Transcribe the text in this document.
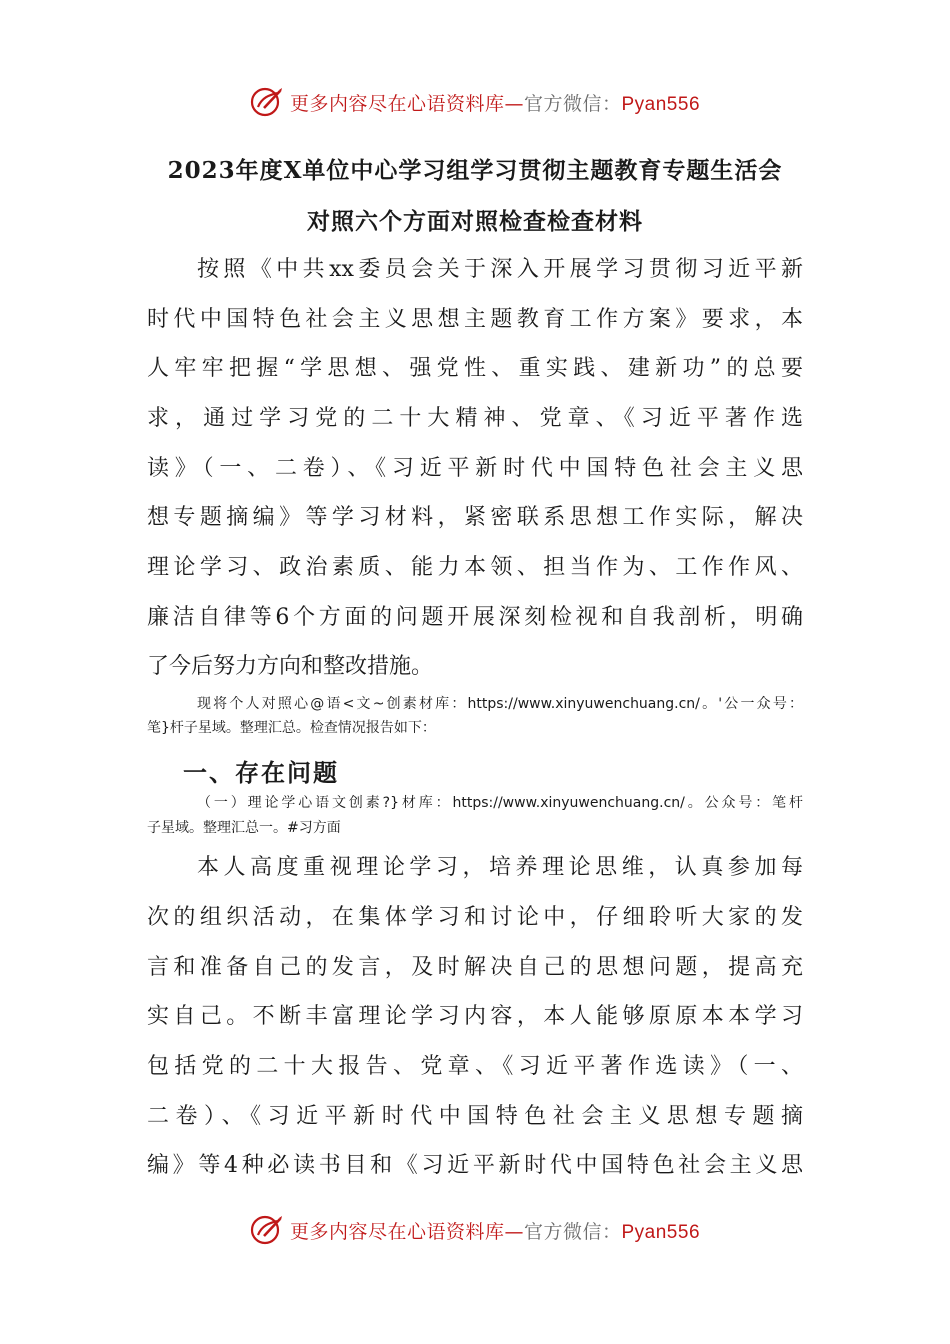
更多内容尽在心语资料库—官方微信：Pyan556
2023年度X单位中心学习组学习贯彻主题教育专题生活会
对照六个方面对照检查检查材料
按照《中共xx委员会关于深入开展学习贯彻习近平新
时代中国特色社会主义思想主题教育工作方案》要求，本
人牢牢把握“学思想、强党性、重实践、建新功”的总要
求，通过学习党的二十大精神、党章、《习近平著作选
读》（一、二卷）、《习近平新时代中国特色社会主义思
想专题摘编》等学习材料，紧密联系思想工作实际，解决
理论学习、政治素质、能力本领、担当作为、工作作风、
廉洁自律等6个方面的问题开展深刻检视和自我剖析，明确
了今后努力方向和整改措施。
现将个人对照心@语<文~创素材库：https://www.xinyuwenchuang.cn/。'公一众号：
笔}杆子星域。整理汇总。检查情况报告如下：
一、存在问题
（一）理论学心语文创素?}材库：https://www.xinyuwenchuang.cn/。公众号：笔杆
子星域。整理汇总一。#习方面
本人高度重视理论学习，培养理论思维，认真参加每
次的组织活动，在集体学习和讨论中，仔细聆听大家的发
言和准备自己的发言，及时解决自己的思想问题，提高充
实自己。不断丰富理论学习内容，本人能够原原本本学习
包括党的二十大报告、党章、《习近平著作选读》（一、
二卷）、《习近平新时代中国特色社会主义思想专题摘
编》等4种必读书目和《习近平新时代中国特色社会主义思
更多内容尽在心语资料库—官方微信：Pyan556
